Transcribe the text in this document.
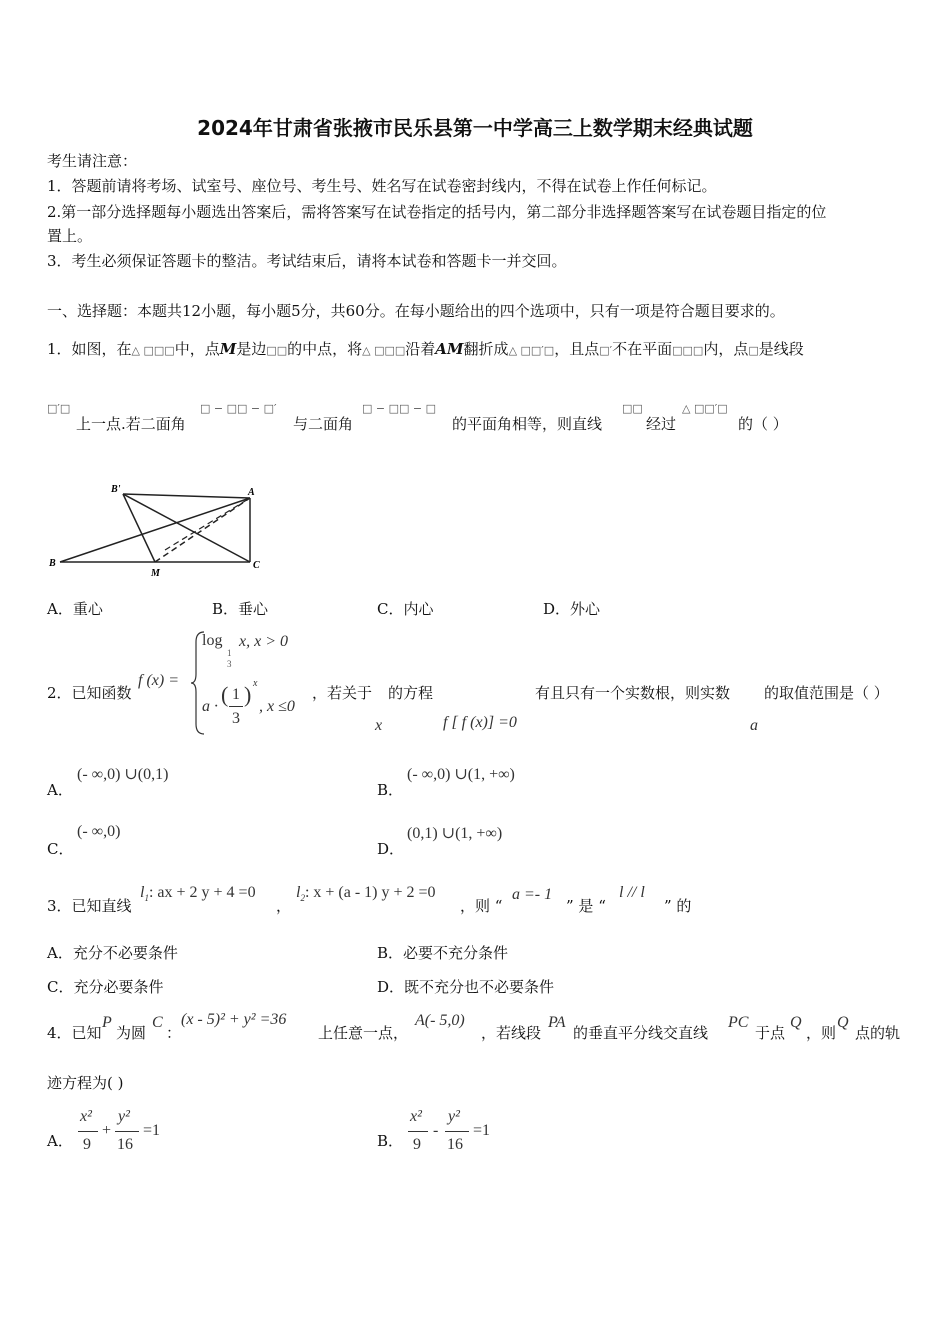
2024年甘肃省张掖市民乐县第一中学高三上数学期末经典试题
考生请注意：
1．答题前请将考场、试室号、座位号、考生号、姓名写在试卷密封线内，不得在试卷上作任何标记。
2.第一部分选择题每小题选出答案后，需将答案写在试卷指定的括号内，第二部分非选择题答案写在试卷题目指定的位
置上。
3．考生必须保证答题卡的整洁。考试结束后，请将本试卷和答题卡一并交回。
一、选择题：本题共12小题，每小题5分，共60分。在每小题给出的四个选项中，只有一项是符合题目要求的。
1．如图，在△ □□□中，点M是边□□的中点，将△ □□□沿着AM翻折成△ □□′□，且点□′不在平面□□□内，点□是线段
□′□
上一点.若二面角
□ − □□ − □′
与二面角
□ − □□ − □
的平面角相等，则直线
□□
经过
△ □□′□
的（ ）
B'	A
B
M
C
A．重心	B．垂心	C．内心	D．外心
2．已知函数
f (x) =
log
1
3
x, x > 0
a · ( 1
3
) x
, x ≤0
，若关于
x
的方程
f [ f (x)] =0
有且只有一个实数根，则实数
a
的取值范围是（ ）
A．
(- ∞,0) ∪(0,1)
B．
(- ∞,0) ∪(1, +∞)
C．
(- ∞,0)
D．
(0,1) ∪(1, +∞)
3．已知直线
$l_1$: ax + 2 y + 4 =0
，
$l_2$: x + (a - 1) y + 2 =0
，则 “
a =- 1
” 是 “
l // l
” 的
A．充分不必要条件	B．必要不充分条件
C．充分必要条件	D．既不充分也不必要条件
4．已知
P
为圆
C
：
(x - 5)² + y² =36
上任意一点，
A(- 5,0)
，若线段
PA
的垂直平分线交直线
PC
于点
Q
，则
Q
点的轨
迹方程为( )
A．
x²
9
+
y²
16
=1
B．
x²
9
-
y²
16
=1
